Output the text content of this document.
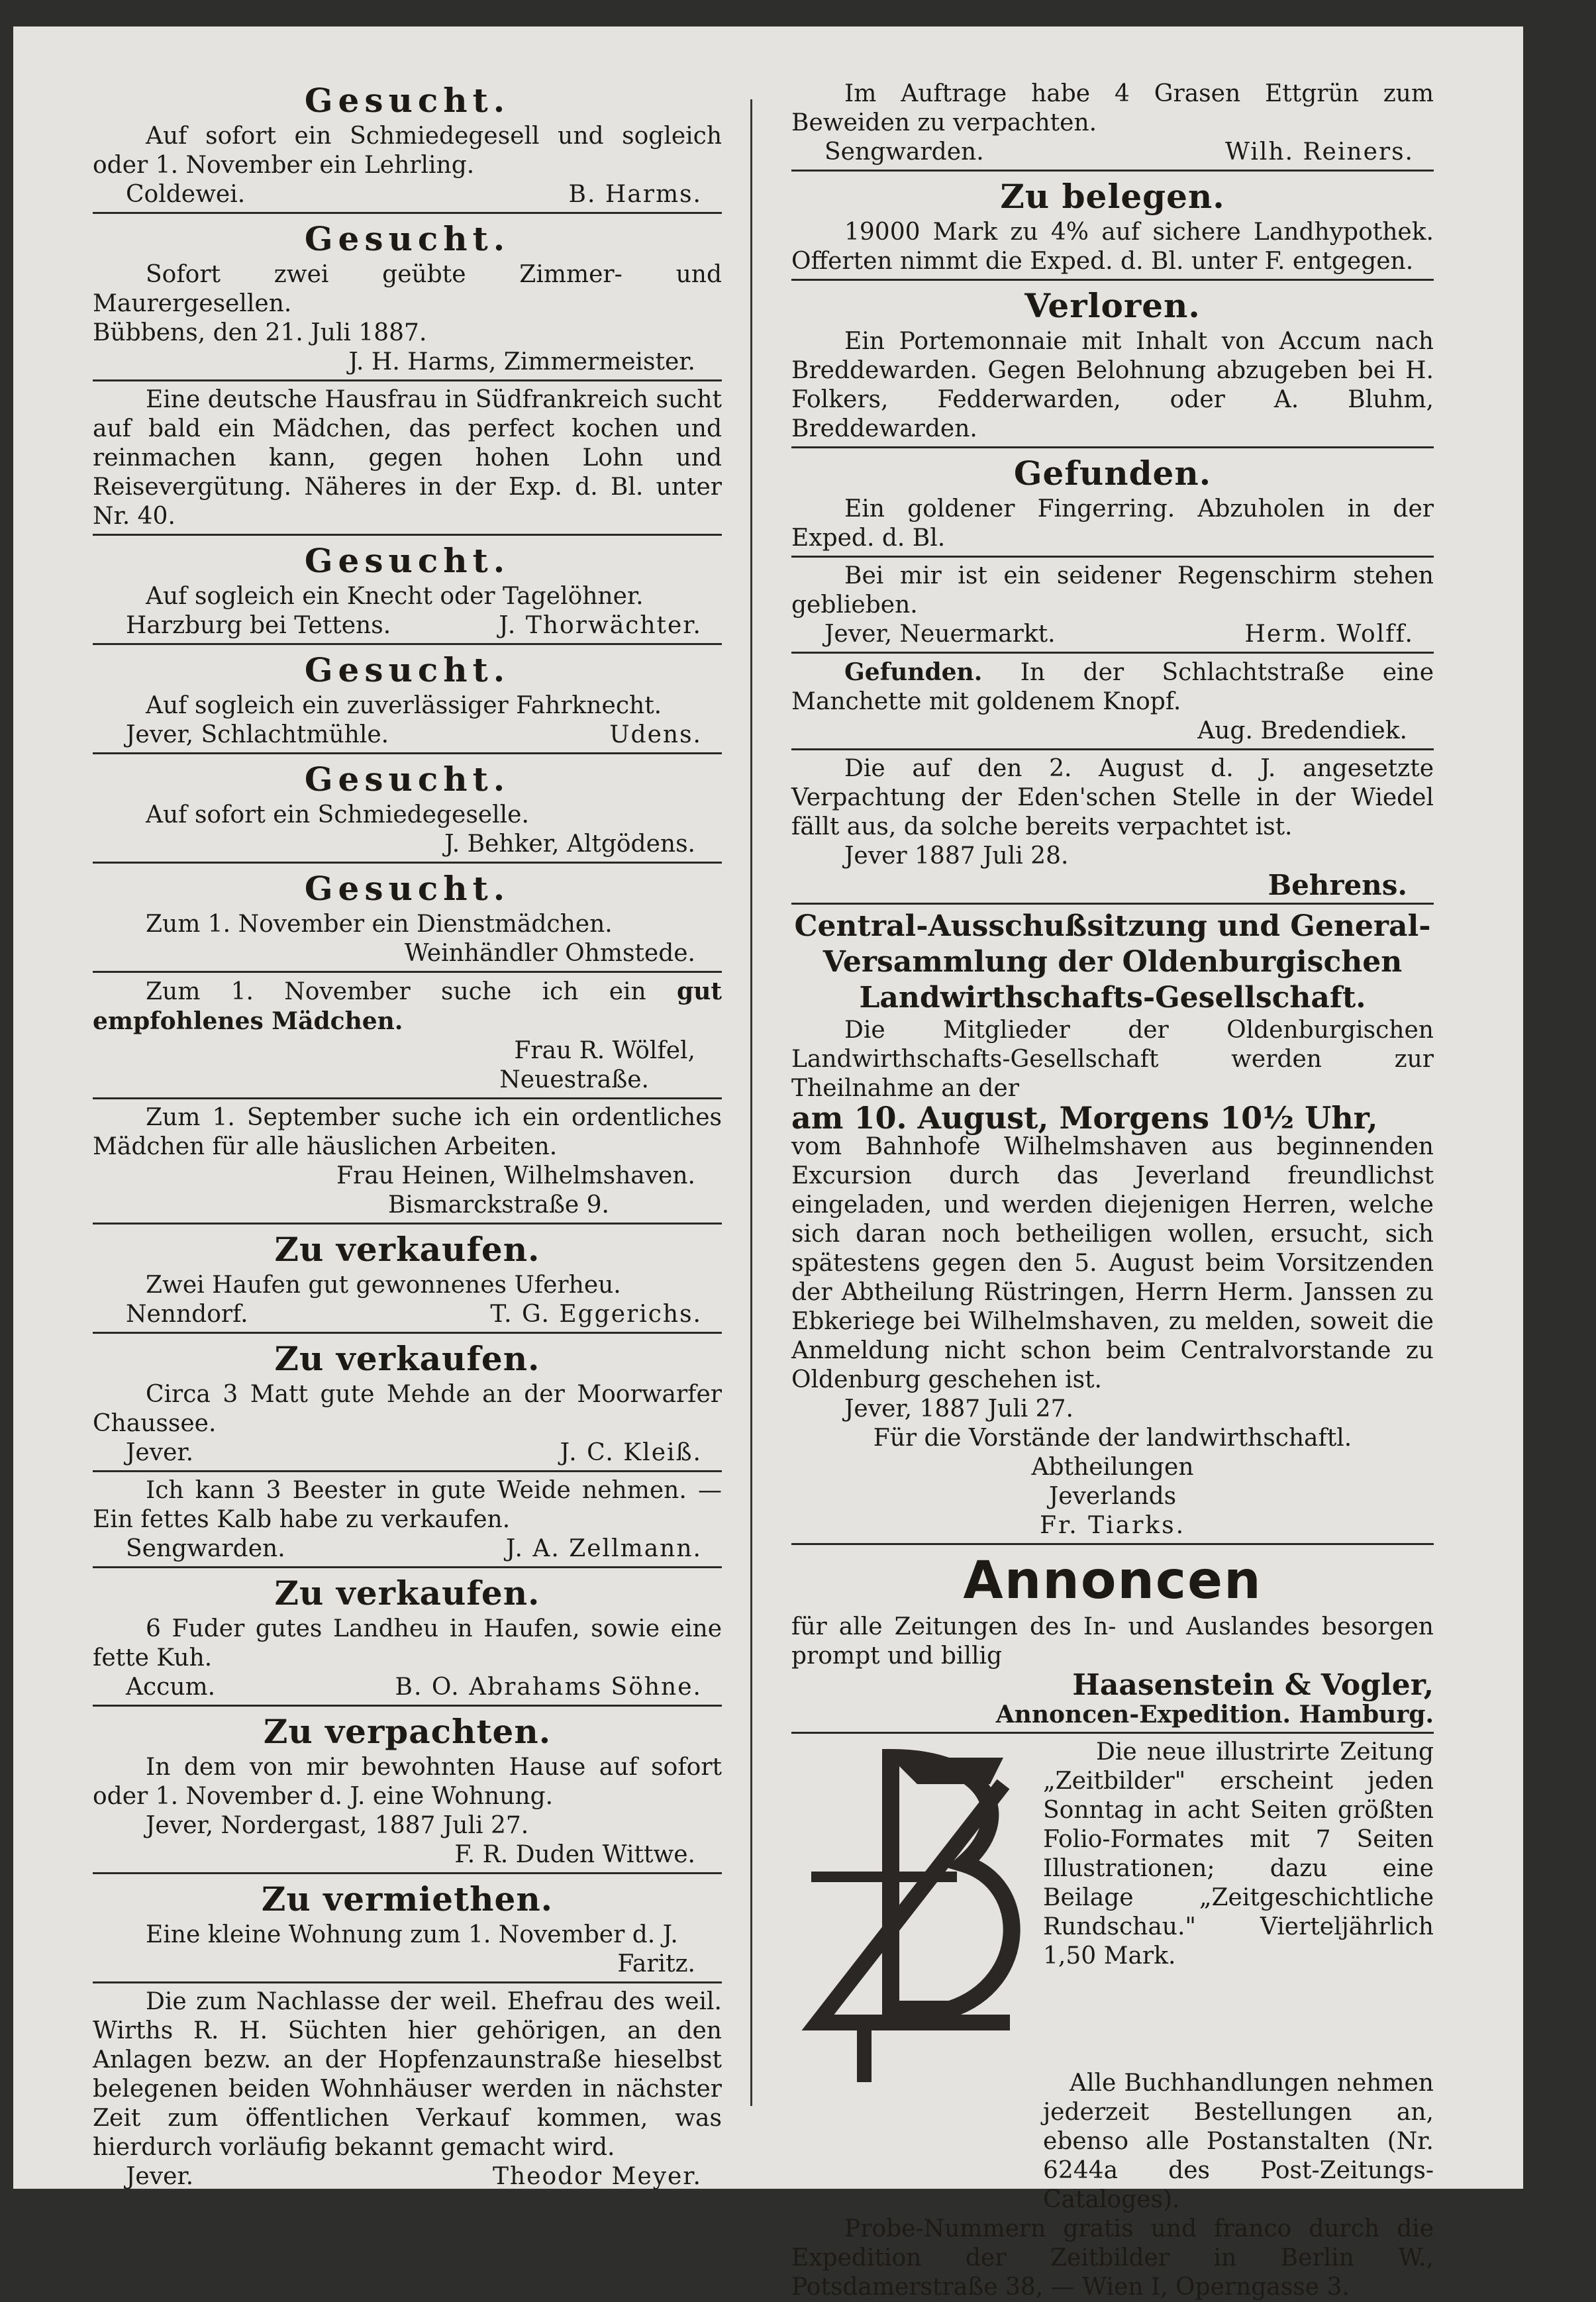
Gesucht.

Auf sofort ein Schmiedegesell und sogleich oder 1. November ein Lehrling.

Coldewei.	B. Harms.

Gesucht.

Sofort zwei geübte Zimmer- und Maurergesellen.

Bübbens, den 21. Juli 1887.

J. H. Harms, Zimmermeister.

Eine deutsche Hausfrau in Südfrankreich sucht auf bald ein Mädchen, das perfect kochen und reinmachen kann, gegen hohen Lohn und Reisevergütung. Näheres in der Exp. d. Bl. unter Nr. 40.

Gesucht.

Auf sogleich ein Knecht oder Tagelöhner.

Harzburg bei Tettens.	J. Thorwächter.

Gesucht.

Auf sogleich ein zuverlässiger Fahrknecht.

Jever, Schlachtmühle.	Udens.

Gesucht.

Auf sofort ein Schmiedegeselle.

J. Behker, Altgödens.

Gesucht.

Zum 1. November ein Dienstmädchen.

Weinhändler Ohmstede.

Zum 1. November suche ich ein gut empfohlenes Mädchen.

Frau R. Wölfel,

Neuestraße.

Zum 1. September suche ich ein ordentliches Mädchen für alle häuslichen Arbeiten.

Frau Heinen, Wilhelmshaven.

Bismarckstraße 9.

Zu verkaufen.

Zwei Haufen gut gewonnenes Uferheu.

Nenndorf.	T. G. Eggerichs.

Zu verkaufen.

Circa 3 Matt gute Mehde an der Moorwarfer Chaussee.

Jever.	J. C. Kleiß.

Ich kann 3 Beester in gute Weide nehmen. — Ein fettes Kalb habe zu verkaufen.

Sengwarden.	J. A. Zellmann.

Zu verkaufen.

6 Fuder gutes Landheu in Haufen, sowie eine fette Kuh.

Accum.	B. O. Abrahams Söhne.

Zu verpachten.

In dem von mir bewohnten Hause auf sofort oder 1. November d. J. eine Wohnung.

Jever, Nordergast, 1887 Juli 27.

F. R. Duden Wittwe.

Zu vermiethen.

Eine kleine Wohnung zum 1. November d. J.

Faritz.

Die zum Nachlasse der weil. Ehefrau des weil. Wirths R. H. Süchten hier gehörigen, an den Anlagen bezw. an der Hopfenzaunstraße hieselbst belegenen beiden Wohnhäuser werden in nächster Zeit zum öffentlichen Verkauf kommen, was hierdurch vorläufig bekannt gemacht wird.

Jever.	Theodor Meyer.

Im Auftrage habe 4 Grasen Ettgrün zum Beweiden zu verpachten.

Sengwarden.	Wilh. Reiners.

Zu belegen.

19000 Mark zu 4% auf sichere Landhypothek. Offerten nimmt die Exped. d. Bl. unter F. entgegen.

Verloren.

Ein Portemonnaie mit Inhalt von Accum nach Breddewarden. Gegen Belohnung abzugeben bei H. Folkers, Fedderwarden, oder A. Bluhm, Breddewarden.

Gefunden.

Ein goldener Fingerring. Abzuholen in der Exped. d. Bl.

Bei mir ist ein seidener Regenschirm stehen geblieben.

Jever, Neuermarkt.	Herm. Wolff.

Gefunden. In der Schlachtstraße eine Manchette mit goldenem Knopf.

Aug. Bredendiek.

Die auf den 2. August d. J. angesetzte Verpachtung der Eden'schen Stelle in der Wiedel fällt aus, da solche bereits verpachtet ist.

Jever 1887 Juli 28.

Behrens.

Central-Ausschußsitzung und General-

Versammlung der Oldenburgischen

Landwirthschafts-Gesellschaft.

Die Mitglieder der Oldenburgischen Landwirthschafts-Gesellschaft werden zur Theilnahme an der

am 10. August, Morgens 10½ Uhr,

vom Bahnhofe Wilhelmshaven aus beginnenden Excursion durch das Jeverland freundlichst eingeladen, und werden diejenigen Herren, welche sich daran noch betheiligen wollen, ersucht, sich spätestens gegen den 5. August beim Vorsitzenden der Abtheilung Rüstringen, Herrn Herm. Janssen zu Ebkeriege bei Wilhelmshaven, zu melden, soweit die Anmeldung nicht schon beim Centralvorstande zu Oldenburg geschehen ist.

Jever, 1887 Juli 27.

Für die Vorstände der landwirthschaftl. Abtheilungen

Jeverlands

Fr. Tiarks.

Annoncen

für alle Zeitungen des In- und Auslandes besorgen prompt und billig

Haasenstein & Vogler,

Annoncen-Expedition. Hamburg.

Die neue illustrirte Zeitung „Zeitbilder" erscheint jeden Sonntag in acht Seiten größten Folio-Formates mit 7 Seiten Illustrationen; dazu eine Beilage „Zeitgeschichtliche Rundschau." Vierteljährlich 1,50 Mark.

Alle Buchhandlungen nehmen jederzeit Bestellungen an, ebenso alle Postanstalten (Nr. 6244a des Post-Zeitungs-Cataloges).

Probe-Nummern gratis und franco durch die Expedition der Zeitbilder in Berlin W., Potsdamerstraße 38, — Wien I, Operngasse 3.
